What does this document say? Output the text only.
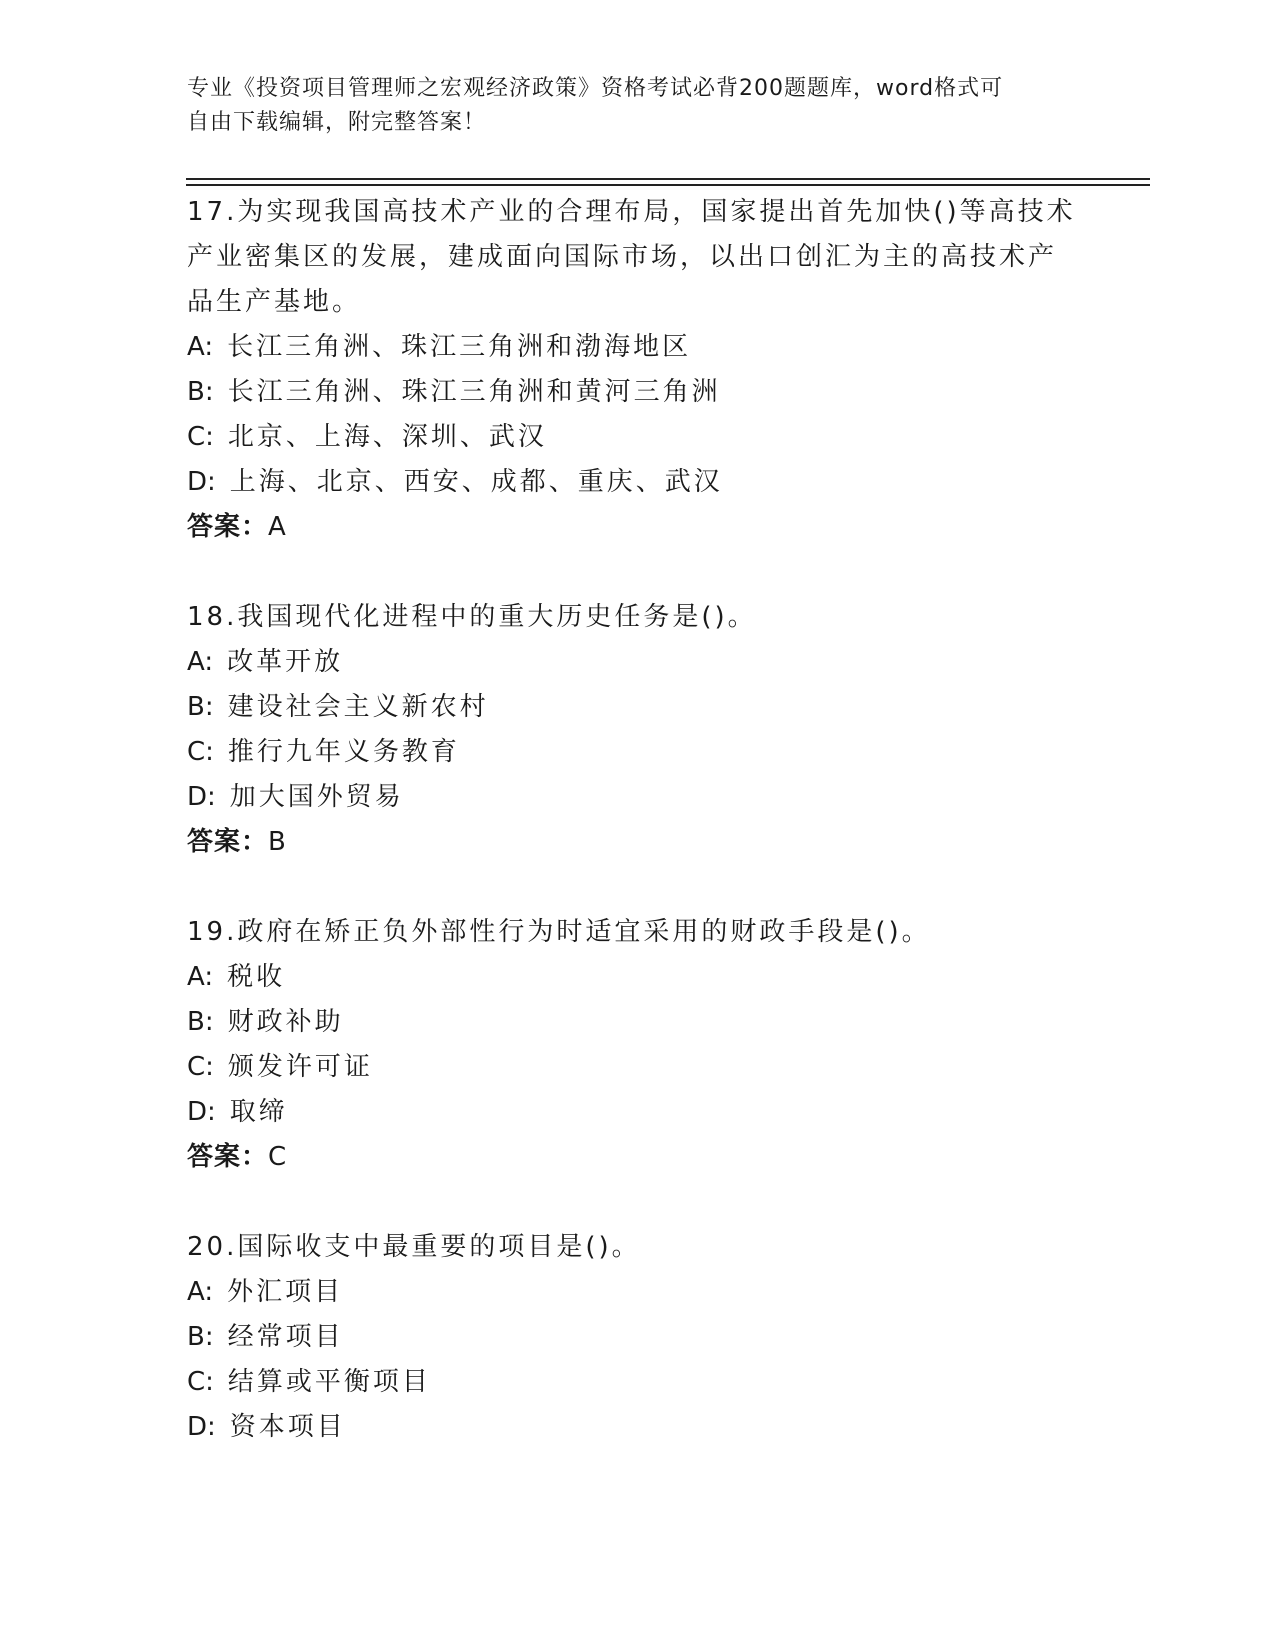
专业《投资项目管理师之宏观经济政策》资格考试必背200题题库，word格式可
自由下载编辑，附完整答案！
17.为实现我国高技术产业的合理布局，国家提出首先加快()等高技术
产业密集区的发展，建成面向国际市场，以出口创汇为主的高技术产
品生产基地。
A: 长江三角洲、珠江三角洲和渤海地区
B: 长江三角洲、珠江三角洲和黄河三角洲
C: 北京、上海、深圳、武汉
D: 上海、北京、西安、成都、重庆、武汉
答案：A
18.我国现代化进程中的重大历史任务是()。
A: 改革开放
B: 建设社会主义新农村
C: 推行九年义务教育
D: 加大国外贸易
答案：B
19.政府在矫正负外部性行为时适宜采用的财政手段是()。
A: 税收
B: 财政补助
C: 颁发许可证
D: 取缔
答案：C
20.国际收支中最重要的项目是()。
A: 外汇项目
B: 经常项目
C: 结算或平衡项目
D: 资本项目
